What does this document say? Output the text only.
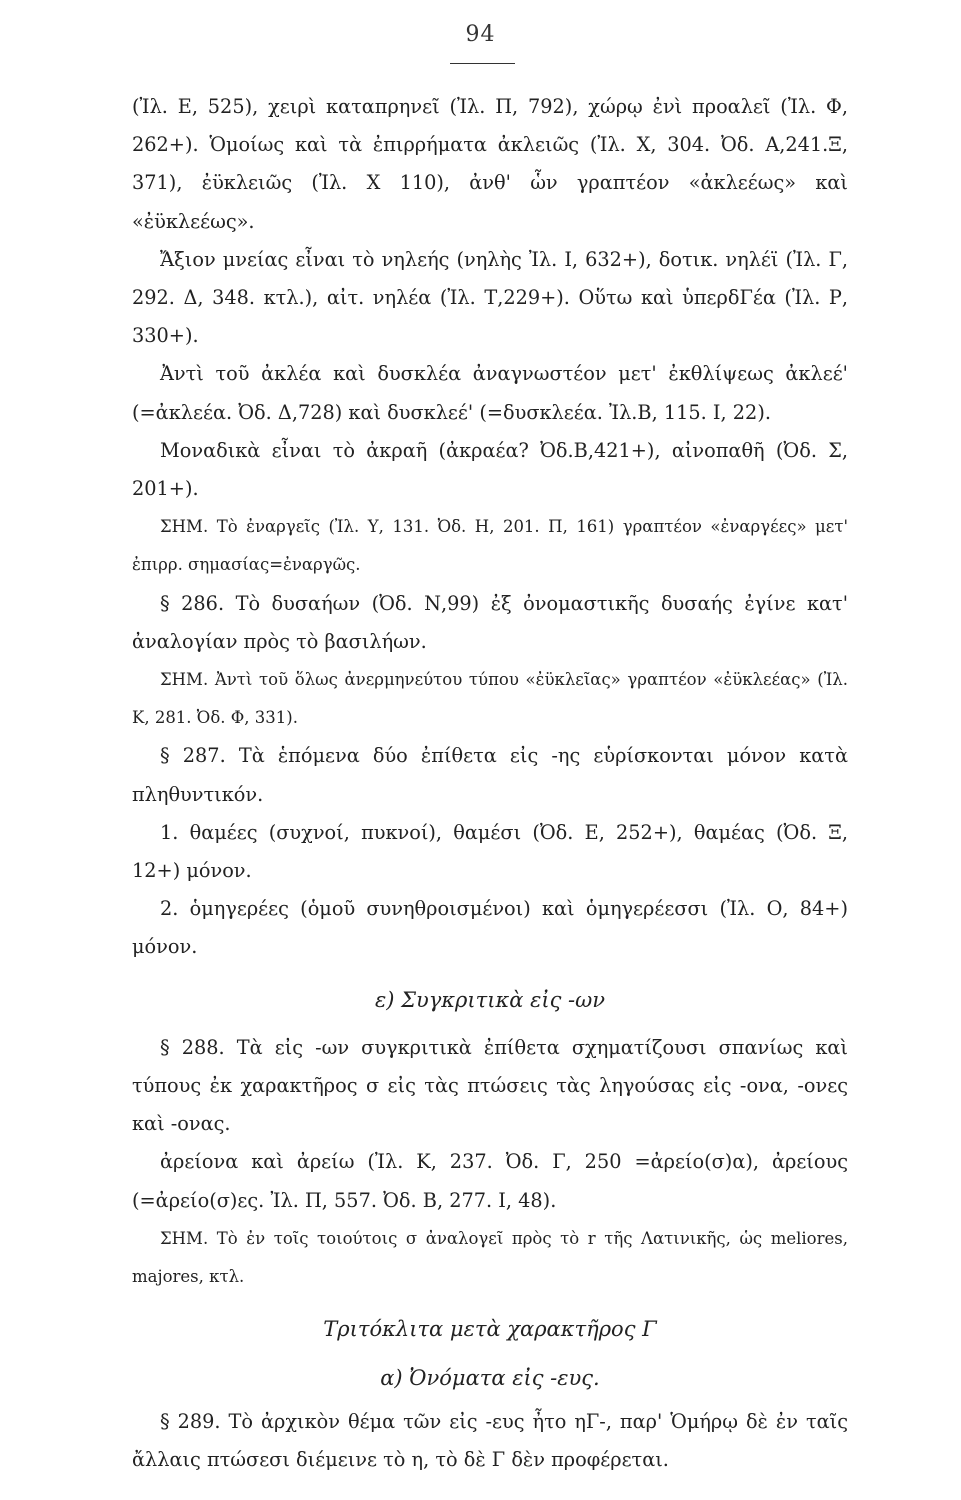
94

(Ἰλ. Ε, 525), χειρὶ καταπρηνεῖ (Ἰλ. Π, 792), χώρῳ ἐνὶ προαλεῖ (Ἰλ. Φ, 262+). Ὁμοίως καὶ τὰ ἐπιρρήματα ἀκλειῶς (Ἰλ. Χ, 304. Ὀδ. Α,241.Ξ, 371), ἐϋκλειῶς (Ἰλ. Χ 110), ἀνθ' ὧν γραπτέον «ἀκλεέως» καὶ «ἐϋκλεέως».

Ἄξιον μνείας εἶναι τὸ νηλεής (νηλὴς Ἰλ. Ι, 632+), δοτικ. νηλέϊ (Ἰλ. Γ, 292. Δ, 348. κτλ.), αἰτ. νηλέα (Ἰλ. Τ,229+). Οὕτω καὶ ὑπερδΓέα (Ἰλ. Ρ, 330+).

Ἀντὶ τοῦ ἀκλέα καὶ δυσκλέα ἀναγνωστέον μετ' ἐκθλίψεως ἀκλεέ' (=ἀκλεέα. Ὀδ. Δ,728) καὶ δυσκλεέ' (=δυσκλεέα. Ἰλ.Β, 115. Ι, 22).

Μοναδικὰ εἶναι τὸ ἀκραῆ (ἀκραέα? Ὀδ.Β,421+), αἰνοπαθῆ (Ὀδ. Σ, 201+).

ΣΗΜ. Τὸ ἐναργεῖς (Ἰλ. Υ, 131. Ὀδ. Η, 201. Π, 161) γραπτέον «ἐναργέες» μετ' ἐπιρρ. σημασίας=ἐναργῶς.

§ 286. Τὸ δυσαήων (Ὀδ. Ν,99) ἐξ ὀνομαστικῆς δυσαής ἐγίνε κατ' ἀναλογίαν πρὸς τὸ βασιλήων.

ΣΗΜ. Ἀντὶ τοῦ ὅλως ἀνερμηνεύτου τύπου «ἐϋκλεῖας» γραπτέον «ἐϋκλεέας» (Ἰλ. Κ, 281. Ὀδ. Φ, 331).

§ 287. Τὰ ἑπόμενα δύο ἐπίθετα εἰς -ης εὑρίσκονται μόνον κατὰ πληθυντικόν.

1. θαμέες (συχνοί, πυκνοί), θαμέσι (Ὀδ. Ε, 252+), θαμέας (Ὀδ. Ξ, 12+) μόνον.

2. ὁμηγερέες (ὁμοῦ συνηθροισμένοι) καὶ ὁμηγερέεσσι (Ἰλ. Ο, 84+) μόνον.

ε) Συγκριτικὰ εἰς -ων

§ 288. Τὰ εἰς -ων συγκριτικὰ ἐπίθετα σχηματίζουσι σπανίως καὶ τύπους ἐκ χαρακτῆρος σ εἰς τὰς πτώσεις τὰς ληγούσας εἰς -ονα, -ονες καὶ -ονας.

ἀρείονα καὶ ἀρείω (Ἰλ. Κ, 237. Ὀδ. Γ, 250 =ἀρείο(σ)α), ἀρείους (=ἀρείο(σ)ες. Ἰλ. Π, 557. Ὀδ. Β, 277. Ι, 48).

ΣΗΜ. Τὸ ἐν τοῖς τοιούτοις σ ἀναλογεῖ πρὸς τὸ r τῆς Λατινικῆς, ὡς meliores, majores, κτλ.

Τριτόκλιτα μετὰ χαρακτῆρος Γ

α) Ὀνόματα εἰς -ευς.

§ 289. Τὸ ἀρχικὸν θέμα τῶν εἰς -ευς ἦτο ηΓ-, παρ' Ὁμήρῳ δὲ ἐν ταῖς ἄλλαις πτώσεσι διέμεινε τὸ η, τὸ δὲ Γ δὲν προφέρεται.
